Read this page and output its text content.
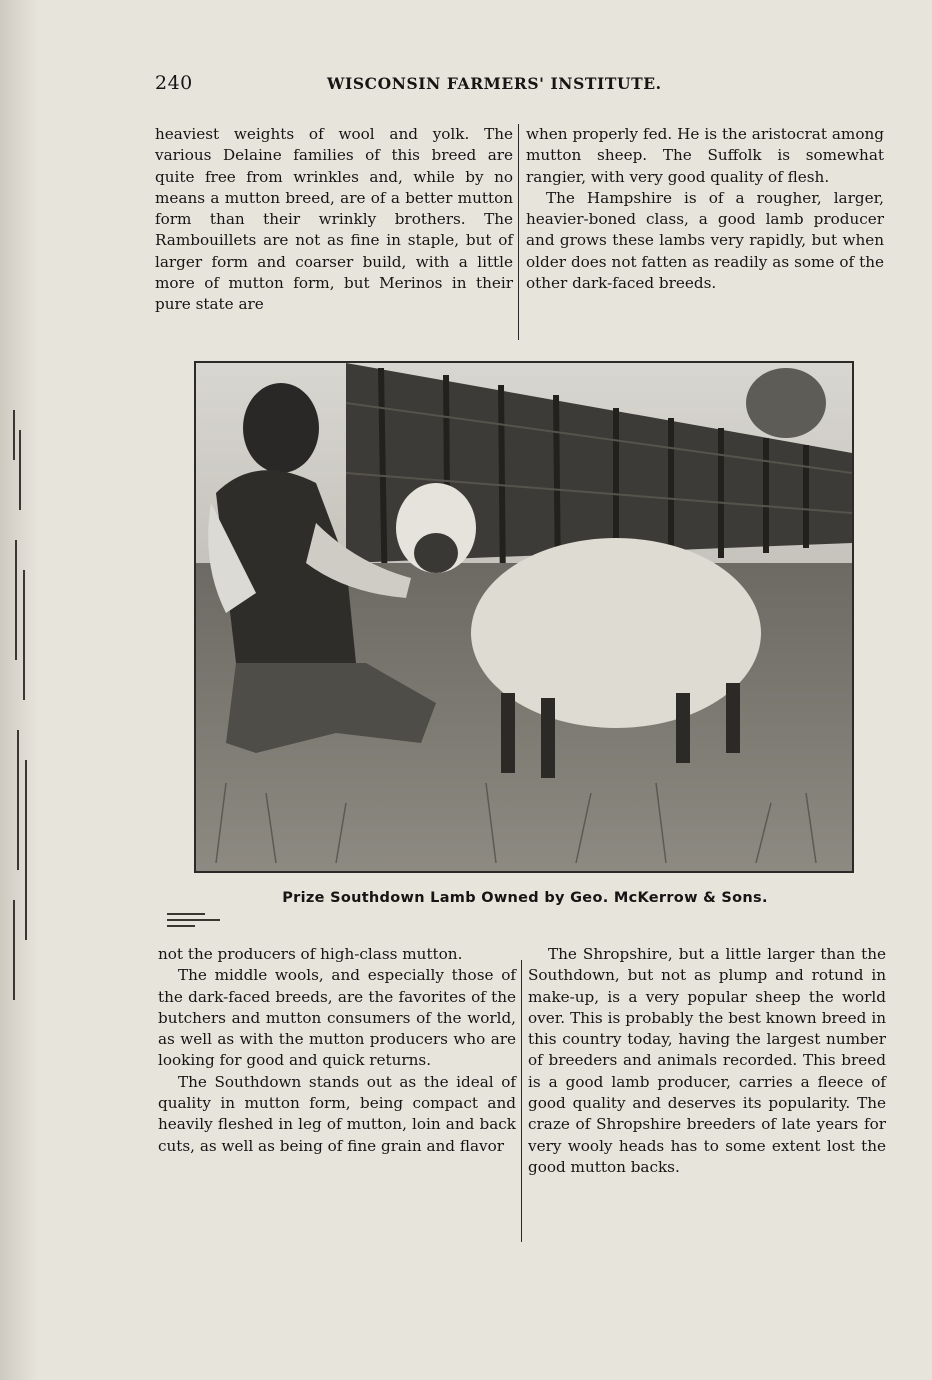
240	WISCONSIN FARMERS' INSTITUTE.

heaviest weights of wool and yolk. The various Delaine families of this breed are quite free from wrinkles and, while by no means a mutton breed, are of a better mutton form than their wrinkly brothers. The Rambouillets are not as fine in staple, but of larger form and coarser build, with a little more of mutton form, but Merinos in their pure state are

when properly fed. He is the aristocrat among mutton sheep. The Suffolk is somewhat rangier, with very good quality of flesh.

The Hampshire is of a rougher, larger, heavier-boned class, a good lamb producer and grows these lambs very rapidly, but when older does not fatten as readily as some of the other dark-faced breeds.

Prize Southdown Lamb Owned by Geo. McKerrow & Sons.

not the producers of high-class mutton.

The middle wools, and especially those of the dark-faced breeds, are the favorites of the butchers and mutton consumers of the world, as well as with the mutton producers who are looking for good and quick returns.

The Southdown stands out as the ideal of quality in mutton form, being compact and heavily fleshed in leg of mutton, loin and back cuts, as well as being of fine grain and flavor

The Shropshire, but a little larger than the Southdown, but not as plump and rotund in make-up, is a very popular sheep the world over. This is probably the best known breed in this country today, having the largest number of breeders and animals recorded. This breed is a good lamb producer, carries a fleece of good quality and deserves its popularity. The craze of Shropshire breeders of late years for very wooly heads has to some extent lost the good mutton backs.
